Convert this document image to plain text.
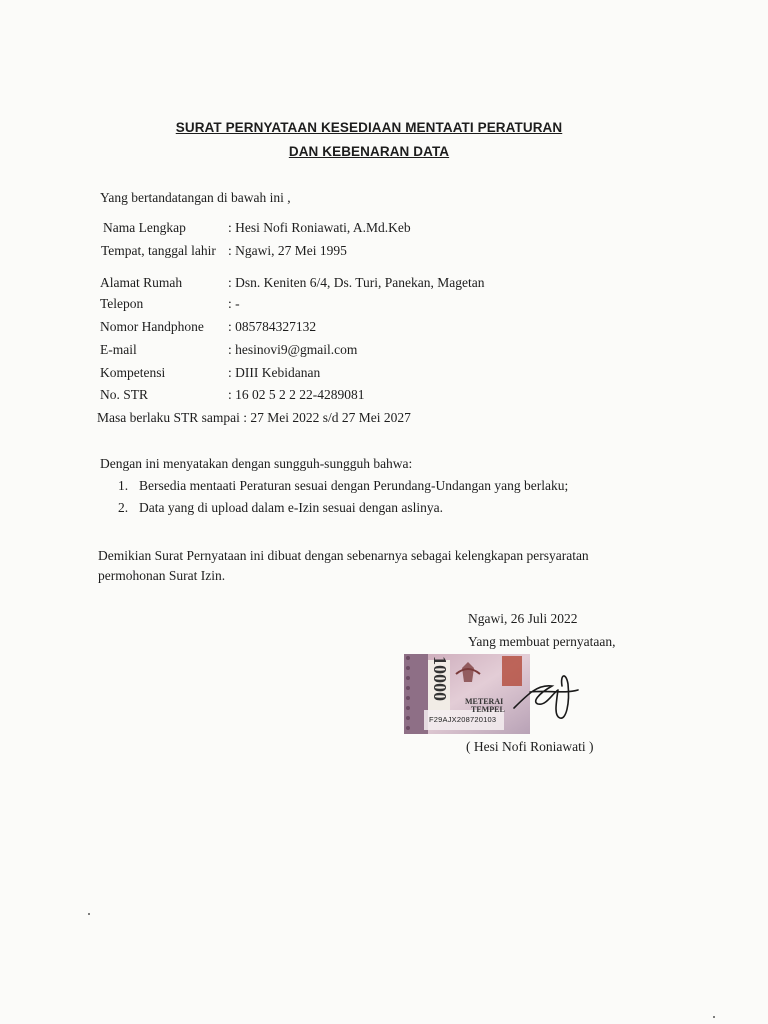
SURAT PERNYATAAN KESEDIAAN MENTAATI PERATURAN
DAN KEBENARAN DATA
Yang bertandatangan di bawah ini ,
Nama Lengkap	: Hesi Nofi Roniawati, A.Md.Keb
Tempat, tanggal lahir : Ngawi, 27 Mei 1995
Alamat Rumah	: Dsn. Keniten 6/4, Ds. Turi, Panekan, Magetan
Telepon	: -
Nomor Handphone : 085784327132
E-mail	: hesinovi9@gmail.com
Kompetensi	: DIII Kebidanan
No. STR	: 16 02 5 2 2 22-4289081
Masa berlaku STR sampai : 27 Mei 2022 s/d 27 Mei 2027
Dengan ini menyatakan dengan sungguh-sungguh bahwa:
1. Bersedia mentaati Peraturan sesuai dengan Perundang-Undangan yang berlaku;
2. Data yang di upload dalam e-Izin sesuai dengan aslinya.
Demikian Surat Pernyataan ini dibuat dengan sebenarnya sebagai kelengkapan persyaratan
permohonan Surat Izin.
Ngawi, 26 Juli 2022
Yang membuat pernyataan,
10000
METERAI
TEMPEL
F29AJX208720103
( Hesi Nofi Roniawati )
